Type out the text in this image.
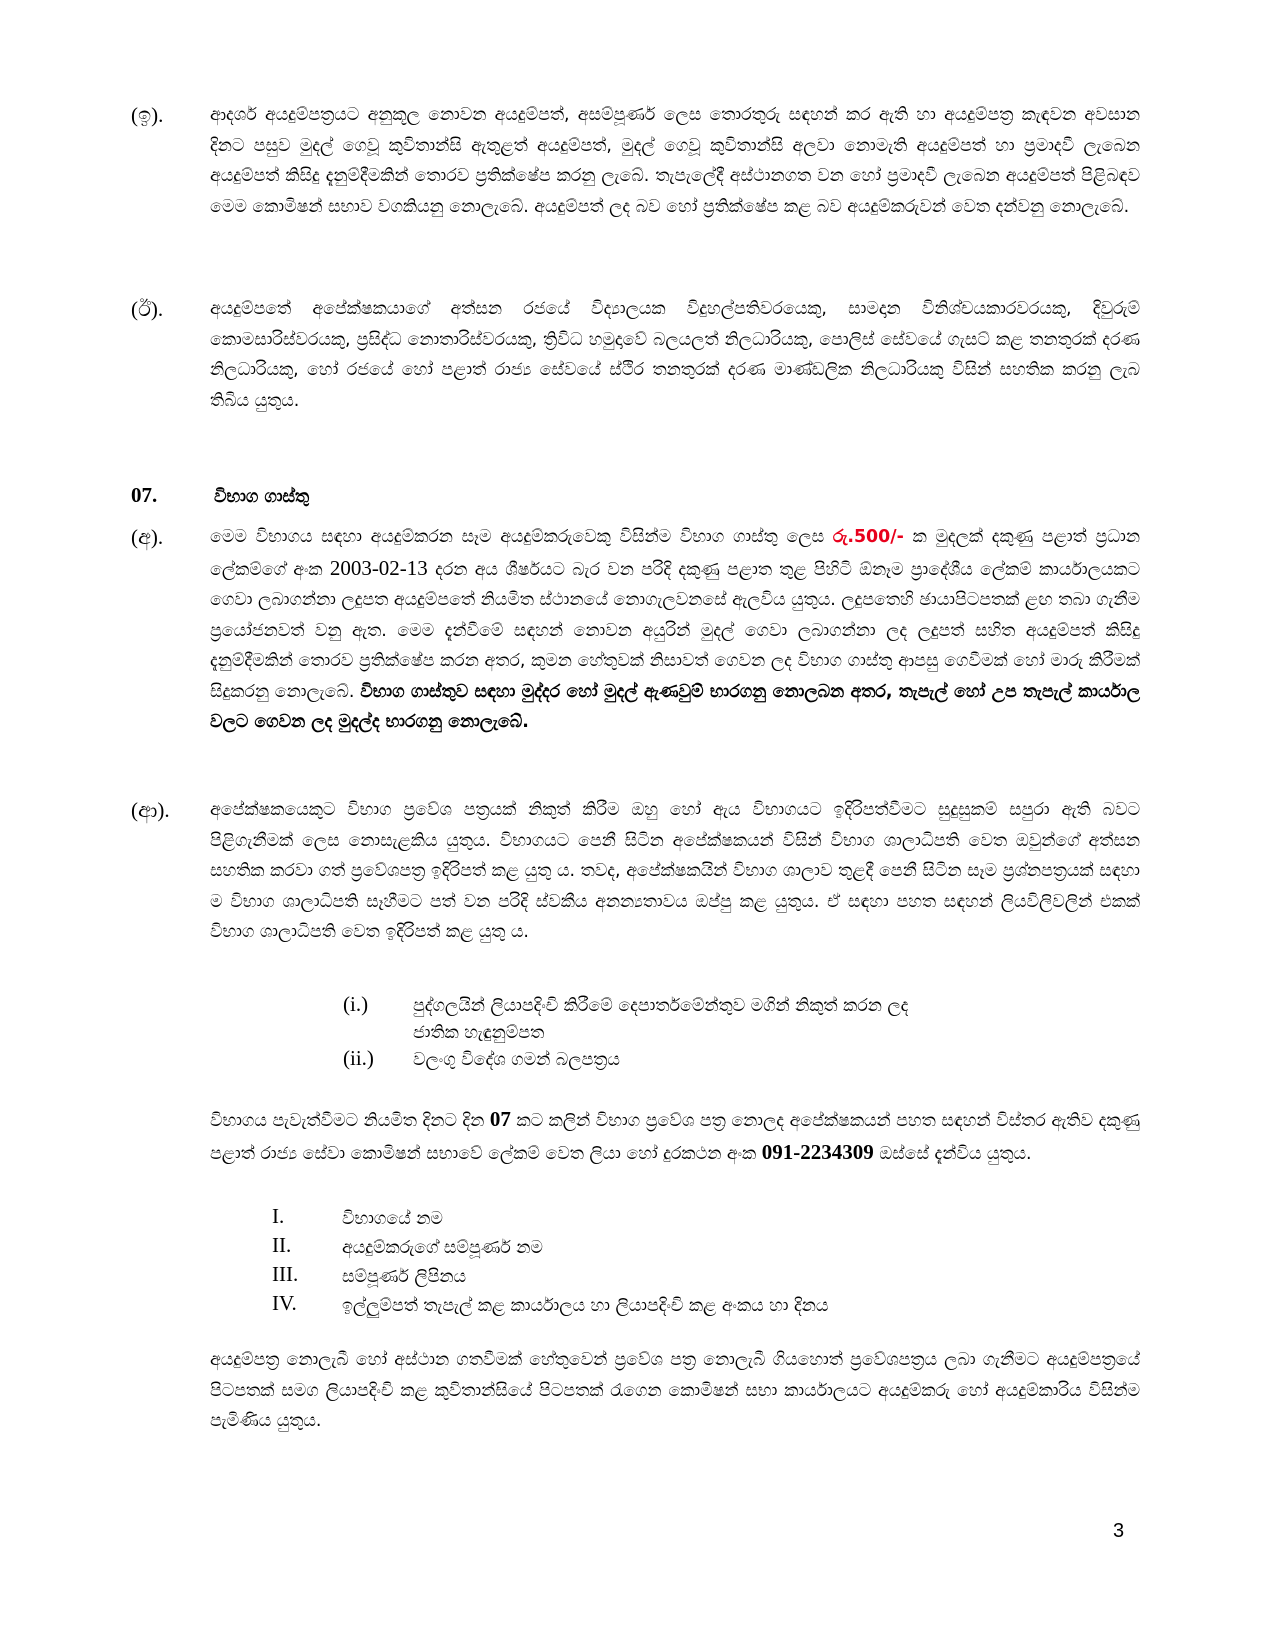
(ඉ).	ආදර්ශ අයදුම්පත්‍රයට අනුකූල නොවන අයදුම්පත්, අසම්පූර්ණ ලෙස තොරතුරු සඳහන් කර ඇති හා අයදුම්පත්‍ර කැඳවන අවසාන දිනට පසුව මුදල් ගෙවූ කුවිතාන්සි ඇතුළත් අයදුම්පත්, මුදල් ගෙවූ කුවිතාන්සි අලවා නොමැති අයදුම්පත් හා ප්‍රමාදවී ලැබෙන අයදුම්පත් කිසිදු දැනුම්දීමකින් තොරව ප්‍රතික්ෂේප කරනු ලැබේ. තැපැලේදී අස්ථානගත වන හෝ ප්‍රමාදවී ලැබෙන අයදුම්පත් පිළිබඳව මෙම කොමිෂන් සභාව වගකියනු නොලැබේ. අයදුම්පත් ලද බව හෝ ප්‍රතික්ෂේප කළ බව අයදුම්කරුවන් වෙත දන්වනු නොලැබේ.

(ඊ).	අයදුම්පතේ අපේක්ෂකයාගේ අත්සන රජයේ විද්‍යාලයක විදුහල්පතිවරයෙකු, සාමදාන විනිශ්චයකාරවරයකු, දිවුරුම් කොමසාරිස්වරයකු, ප්‍රසිද්ධ නොතාරිස්වරයකු, ත්‍රිවිධ හමුදාවේ බලයලත් නිලධාරියකු, පොලිස් සේවයේ ගැසට් කළ තනතුරක් දරණ නිලධාරියකු, හෝ රජයේ හෝ පළාත් රාජ්‍ය සේවයේ ස්ථිර තනතුරක් දරණ මාණ්ඩලික නිලධාරියකු විසින් සහතික කරනු ලැබ තිබිය යුතුය.

07.	විභාග ගාස්තු
(අ).	මෙම විභාගය සඳහා අයදුම්කරන සෑම අයදුම්කරුවෙකු විසින්ම විභාග ගාස්තු ලෙස රු.500/- ක මුදලක් දකුණු පළාත් ප්‍රධාන ලේකම්ගේ අංක 2003-02-13 දරන අය ශීර්ෂයට බැර වන පරිදි දකුණු පළාත තුළ පිහිටි ඕනෑම ප්‍රාදේශීය ලේකම් කාර්යාලයකට ගෙවා ලබාගන්නා ලදුපත අයදුම්පතේ නියමිත ස්ථානයේ නොගැලවනසේ ඇලවිය යුතුය. ලදුපතෙහි ඡායාපිටපතක් ළඟ තබා ගැනීම ප්‍රයෝජනවත් වනු ඇත. මෙම දැන්වීමේ සඳහන් නොවන අයුරින් මුදල් ගෙවා ලබාගන්නා ලද ලදුපත් සහිත අයදුම්පත් කිසිදු දැනුම්දීමකින් තොරව ප්‍රතික්ෂේප කරන අතර, කුමන හේතුවක් නිසාවත් ගෙවන ලද විභාග ගාස්තු ආපසු ගෙවීමක් හෝ මාරු කිරීමක් සිදුකරනු නොලැබේ. විභාග ගාස්තුව සඳහා මුද්දර හෝ මුදල් ඇණවුම් භාරගනු නොලබන අතර, තැපැල් හෝ උප තැපැල් කාර්යාල වලට ගෙවන ලද මුදල්ද භාරගනු නොලැබේ.

(ආ). අපේක්ෂකයෙකුට විභාග ප්‍රවේශ පත්‍රයක් නිකුත් කිරීම ඔහු හෝ ඇය විභාගයට ඉදිරිපත්වීමට සුදුසුකම් සපුරා ඇති බවට පිළිගැනීමක් ලෙස නොසැළකිය යුතුය. විභාගයට පෙනී සිටින අපේක්ෂකයන් විසින් විභාග ශාලාධිපති වෙත ඔවුන්ගේ අත්සන සහතික කරවා ගත් ප්‍රවේශපත්‍ර ඉදිරිපත් කළ යුතු ය. තවද, අපේක්ෂකයින් විභාග ශාලාව තුළදී පෙනී සිටින සෑම ප්‍රශ්නපත්‍රයක් සඳහා ම විභාග ශාලාධිපති සෑහීමට පත් වන පරිදි ස්වකීය අනන්‍යතාවය ඔප්පු කළ යුතුය. ඒ සඳහා පහත සඳහන් ලියවිලිවලින් එකක් විභාග ශාලාධිපති වෙත ඉදිරිපත් කළ යුතු ය.

(i.)	පුද්ගලයින් ලියාපදිංචි කිරීමේ දෙපාර්තමේන්තුව මගින් නිකුත් කරන ලද
ජාතික හැඳුනුම්පත
(ii.) වලංගු විදේශ ගමන් බලපත්‍රය

විභාගය පැවැත්වීමට නියමිත දිනට දින 07 කට කලින් විභාග ප්‍රවේශ පත්‍ර නොලද අපේක්ෂකයන් පහත සඳහන් විස්තර ඇතිව දකුණු පළාත් රාජ්‍ය සේවා කොමිෂන් සභාවේ ලේකම් වෙත ලියා හෝ දුරකථන අංක 091-2234309 ඔස්සේ දැන්විය යුතුය.

I.	විභාගයේ නම
II.	අයදුම්කරුගේ සම්පූර්ණ නම
III.	සම්පූර්ණ ලිපිනය
IV.	ඉල්ලුම්පත් තැපැල් කළ කාර්යාලය හා ලියාපදිංචි කළ අංකය හා දිනය

අයදුම්පත්‍ර නොලැබී හෝ අස්ථාන ගතවීමක් හේතුවෙන් ප්‍රවේශ පත්‍ර නොලැබී ගියහොත් ප්‍රවේශපත්‍රය ලබා ගැනීමට අයදුම්පත්‍රයේ පිටපතක් සමග ලියාපදිංචි කළ කුවිතාන්සියේ පිටපතක් රැගෙන කොමිෂන් සභා කාර්යාලයට අයදුම්කරු හෝ අයදුම්කාරිය විසින්ම පැමිණිය යුතුය.

3
